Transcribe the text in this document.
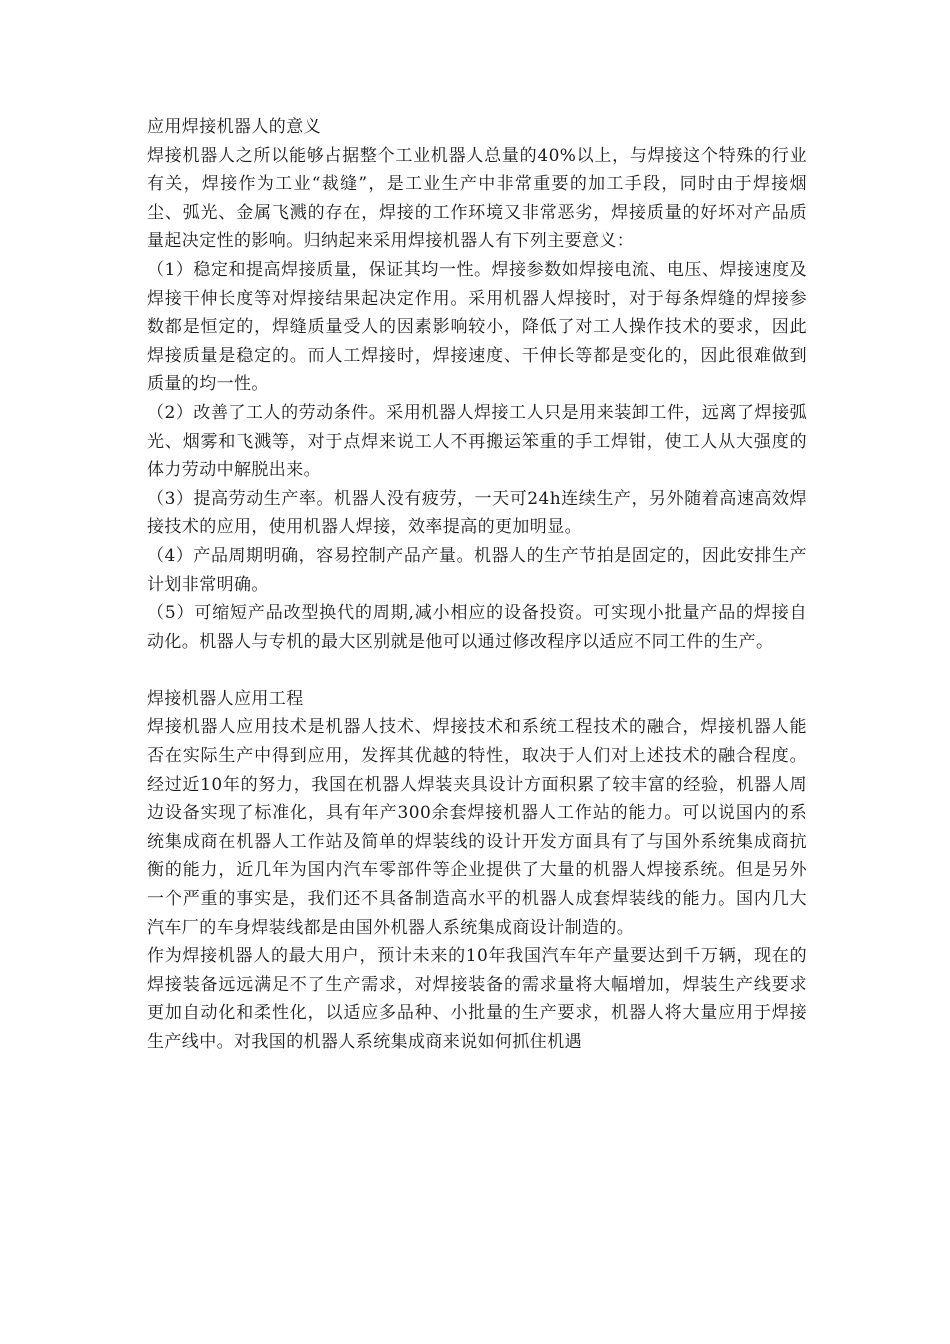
应用焊接机器人的意义

焊接机器人之所以能够占据整个工业机器人总量的40%以上，与焊接这个特殊的行业有关，焊接作为工业“裁缝”，是工业生产中非常重要的加工手段，同时由于焊接烟尘、弧光、金属飞溅的存在，焊接的工作环境又非常恶劣，焊接质量的好坏对产品质量起决定性的影响。归纳起来采用焊接机器人有下列主要意义：

（1）稳定和提高焊接质量，保证其均一性。焊接参数如焊接电流、电压、焊接速度及焊接干伸长度等对焊接结果起决定作用。采用机器人焊接时，对于每条焊缝的焊接参数都是恒定的，焊缝质量受人的因素影响较小，降低了对工人操作技术的要求，因此焊接质量是稳定的。而人工焊接时，焊接速度、干伸长等都是变化的，因此很难做到质量的均一性。

（2）改善了工人的劳动条件。采用机器人焊接工人只是用来装卸工件，远离了焊接弧光、烟雾和飞溅等，对于点焊来说工人不再搬运笨重的手工焊钳，使工人从大强度的体力劳动中解脱出来。

（3）提高劳动生产率。机器人没有疲劳，一天可24h连续生产，另外随着高速高效焊接技术的应用，使用机器人焊接，效率提高的更加明显。

（4）产品周期明确，容易控制产品产量。机器人的生产节拍是固定的，因此安排生产计划非常明确。

（5）可缩短产品改型换代的周期,减小相应的设备投资。可实现小批量产品的焊接自动化。机器人与专机的最大区别就是他可以通过修改程序以适应不同工件的生产。

焊接机器人应用工程

焊接机器人应用技术是机器人技术、焊接技术和系统工程技术的融合，焊接机器人能否在实际生产中得到应用，发挥其优越的特性，取决于人们对上述技术的融合程度。经过近10年的努力，我国在机器人焊装夹具设计方面积累了较丰富的经验，机器人周边设备实现了标准化，具有年产300余套焊接机器人工作站的能力。可以说国内的系统集成商在机器人工作站及简单的焊装线的设计开发方面具有了与国外系统集成商抗衡的能力，近几年为国内汽车零部件等企业提供了大量的机器人焊接系统。但是另外一个严重的事实是，我们还不具备制造高水平的机器人成套焊装线的能力。国内几大汽车厂的车身焊装线都是由国外机器人系统集成商设计制造的。

作为焊接机器人的最大用户，预计未来的10年我国汽车年产量要达到千万辆，现在的焊接装备远远满足不了生产需求，对焊接装备的需求量将大幅增加，焊装生产线要求更加自动化和柔性化，以适应多品种、小批量的生产要求，机器人将大量应用于焊接生产线中。对我国的机器人系统集成商来说如何抓住机遇
